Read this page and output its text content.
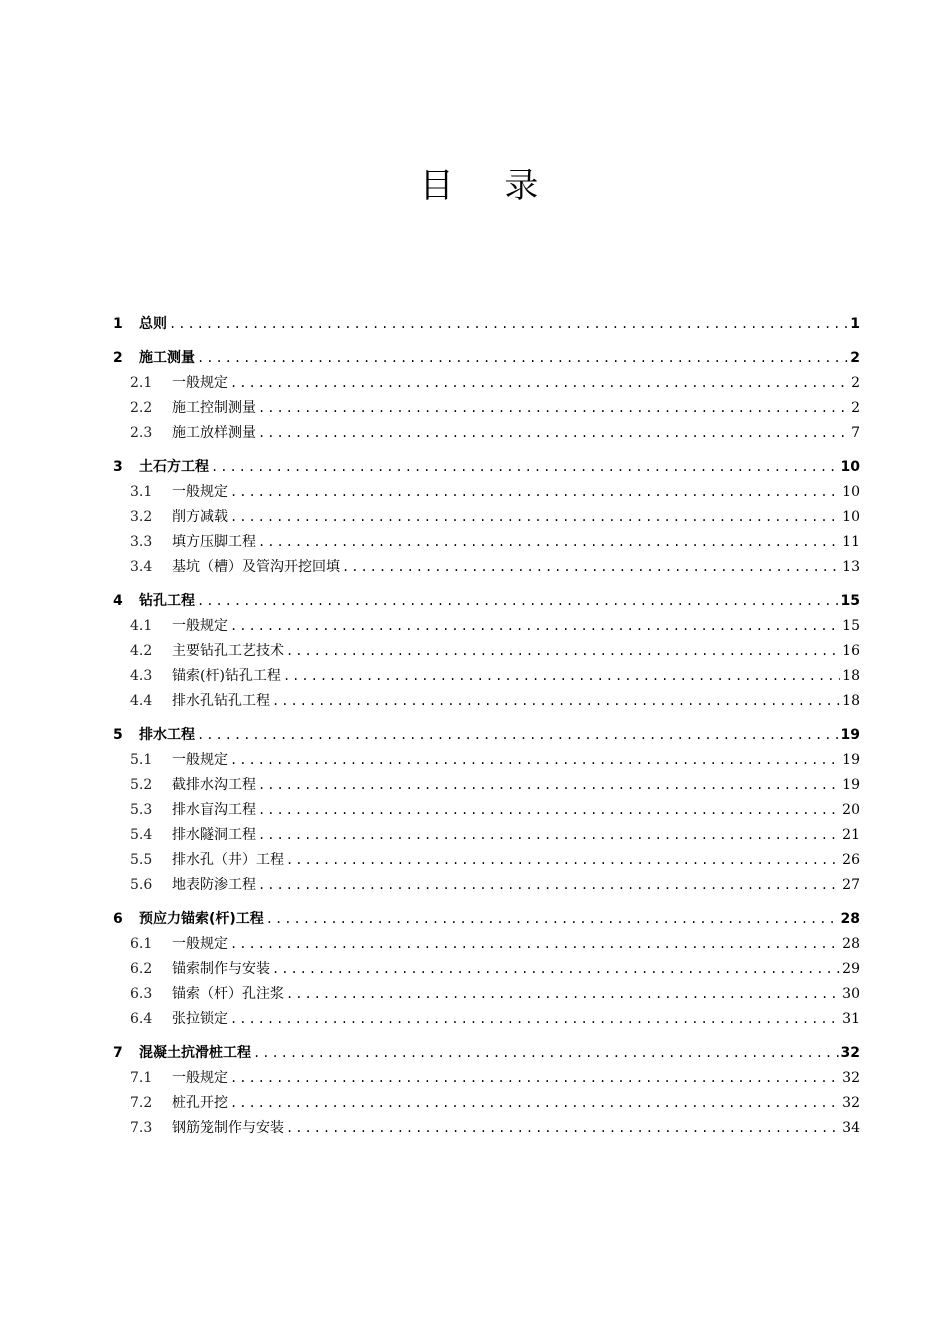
目 录
1	总则 .....	1
2	施工测量 .....	2
2.1	一般规定 .....	2
2.2	施工控制测量 .....	2
2.3	施工放样测量 .....	7
3	土石方工程 .....	10
3.1	一般规定 .....	10
3.2	削方减载 .....	10
3.3	填方压脚工程 .....	11
3.4	基坑（槽）及管沟开挖回填 .....	13
4	钻孔工程 .....	15
4.1	一般规定 .....	15
4.2	主要钻孔工艺技术 .....	16
4.3	锚索(杆)钻孔工程 .....	18
4.4	排水孔钻孔工程 .....	18
5	排水工程 .....	19
5.1	一般规定 .....	19
5.2	截排水沟工程 .....	19
5.3	排水盲沟工程 .....	20
5.4	排水隧洞工程 .....	21
5.5	排水孔（井）工程 .....	26
5.6	地表防渗工程 .....	27
6	预应力锚索(杆)工程 .....	28
6.1	一般规定 .....	28
6.2	锚索制作与安装 .....	29
6.3	锚索（杆）孔注浆 .....	30
6.4	张拉锁定 .....	31
7	混凝土抗滑桩工程 .....	32
7.1	一般规定 .....	32
7.2	桩孔开挖 .....	32
7.3	钢筋笼制作与安装 .....	34
